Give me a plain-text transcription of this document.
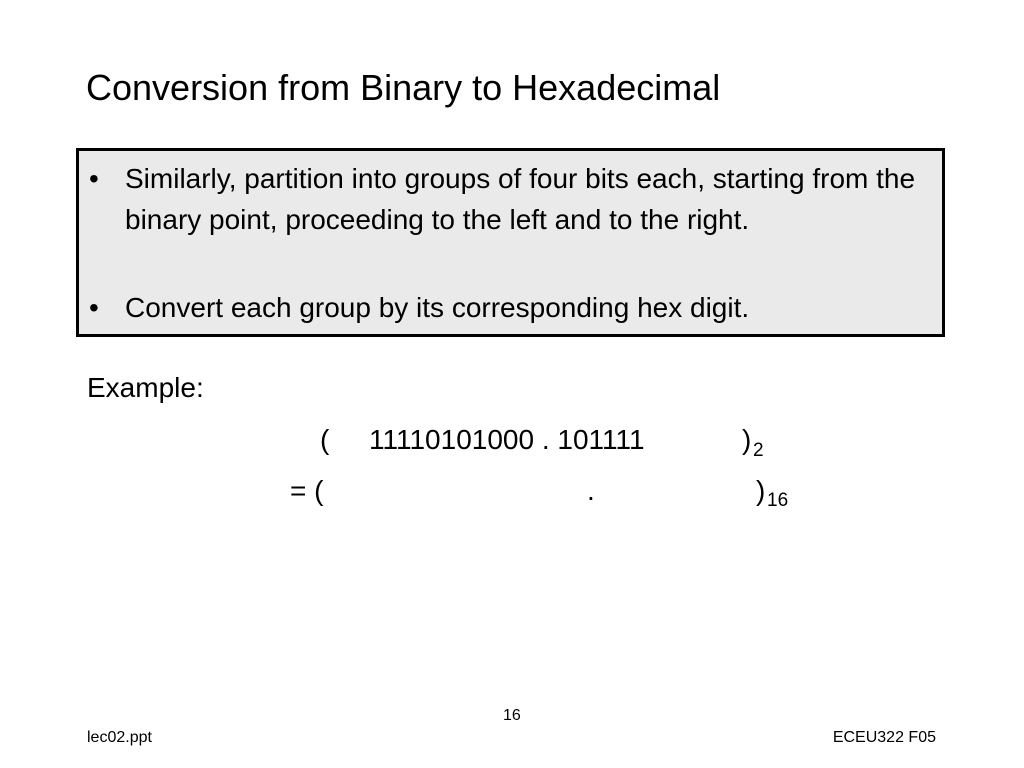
Conversion from Binary to Hexadecimal
• Similarly, partition into groups of four bits each, starting from the binary point, proceeding to the left and to the right.
• Convert each group by its corresponding hex digit.
Example:
( 11110101000 . 101111	) 2
= (	.	) 16
16
lec02.ppt	ECEU322 F05
